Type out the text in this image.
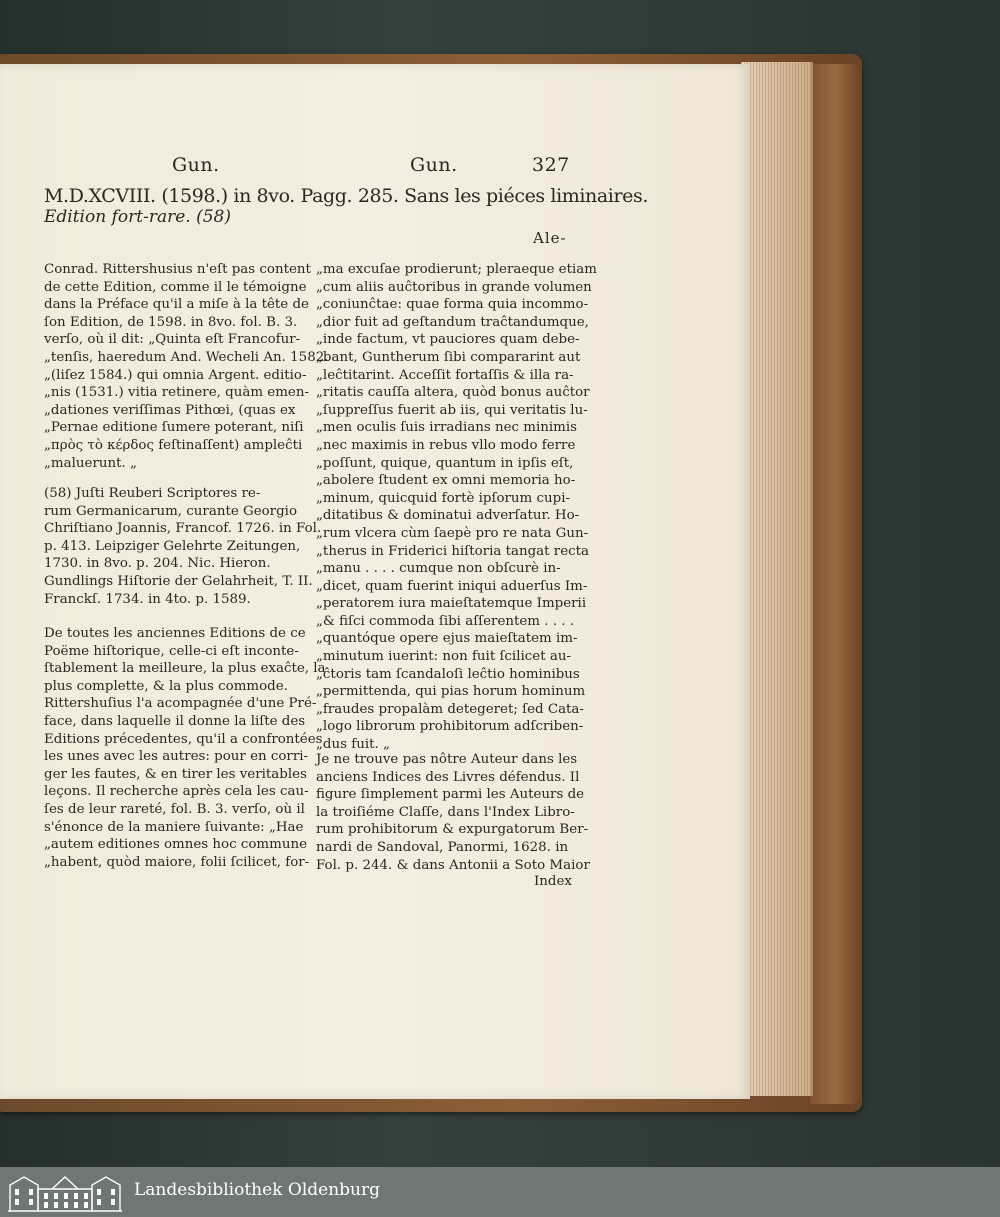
Gun.	Gun.	327
M.D.XCVIII. (1598.) in 8vo. Pagg. 285. Sans les piéces liminaires.
Edition fort-rare. (58)
Ale-
Conrad. Rittershusius n'eſt pas content
de cette Edition, comme il le témoigne
dans la Préface qu'il a miſe à la tête de
ſon Edition, de 1598. in 8vo. fol. B. 3.
verſo, où il dit: „Quinta eſt Francofur-
„tenſis, haeredum And. Wecheli An. 1582.
„(liſez 1584.) qui omnia Argent. editio-
„nis (1531.) vitia retinere, quàm emen-
„dationes veriſſimas Pithœi, (quas ex
„Pernae editione ſumere poterant, niſi
„πρὸς τὸ κέρδος feſtinaſſent) ampleĉti
„maluerunt. „
(58) Juſti Reuberi Scriptores re-
rum Germanicarum, curante Georgio
Chriſtiano Joannis, Francof. 1726. in Fol.
p. 413. Leipziger Gelehrte Zeitungen,
1730. in 8vo. p. 204. Nic. Hieron.
Gundlings Hiſtorie der Gelahrheit, T. II.
Franckſ. 1734. in 4to. p. 1589.
De toutes les anciennes Editions de ce
Poëme hiſtorique, celle-ci eſt inconte-
ſtablement la meilleure, la plus exaĉte, la
plus complette, & la plus commode.
Rittershuſius l'a acompagnée d'une Pré-
face, dans laquelle il donne la liſte des
Editions précedentes, qu'il a confrontées
les unes avec les autres: pour en corri-
ger les fautes, & en tirer les veritables
leçons. Il recherche après cela les cau-
ſes de leur rareté, fol. B. 3. verſo, où il
s'énonce de la maniere ſuivante: „Hae
„autem editiones omnes hoc commune
„habent, quòd maiore, folii ſcilicet, for-
„ma excuſae prodierunt; pleraeque etiam
„cum aliis auĉtoribus in grande volumen
„coniunĉtae: quae forma quia incommo-
„dior fuit ad geſtandum traĉtandumque,
„inde factum, vt pauciores quam debe-
„bant, Guntherum ſibi compararint aut
„leĉtitarint. Acceſſit fortaſſis & illa ra-
„ritatis cauſſa altera, quòd bonus auĉtor
„ſuppreſſus fuerit ab iis, qui veritatis lu-
„men oculis ſuis irradians nec minimis
„nec maximis in rebus vllo modo ferre
„poſſunt, quique, quantum in ipſis eſt,
„abolere ſtudent ex omni memoria ho-
„minum, quicquid fortè ipſorum cupi-
„ditatibus & dominatui adverſatur. Ho-
„rum vlcera cùm ſaepè pro re nata Gun-
„therus in Friderici hiſtoria tangat recta
„manu . . . . cumque non obſcurè in-
„dicet, quam fuerint iniqui aduerſus Im-
„peratorem iura maieſtatemque Imperii
„& fiſci commoda ſibi aſſerentem . . . .
„quantóque opere ejus maieſtatem im-
„minutum iuerint: non fuit ſcilicet au-
„ĉtoris tam ſcandaloſi leĉtio hominibus
„permittenda, qui pias horum hominum
„fraudes propalàm detegeret; ſed Cata-
„logo librorum prohibitorum adſcriben-
„dus fuit. „
Je ne trouve pas nôtre Auteur dans les
anciens Indices des Livres défendus. Il
figure ſimplement parmi les Auteurs de
la troiſiéme Claſſe, dans l'Index Libro-
rum prohibitorum & expurgatorum Ber-
nardi de Sandoval, Panormi, 1628. in
Fol. p. 244. & dans Antonii a Soto Maior
Index
Landesbibliothek Oldenburg
